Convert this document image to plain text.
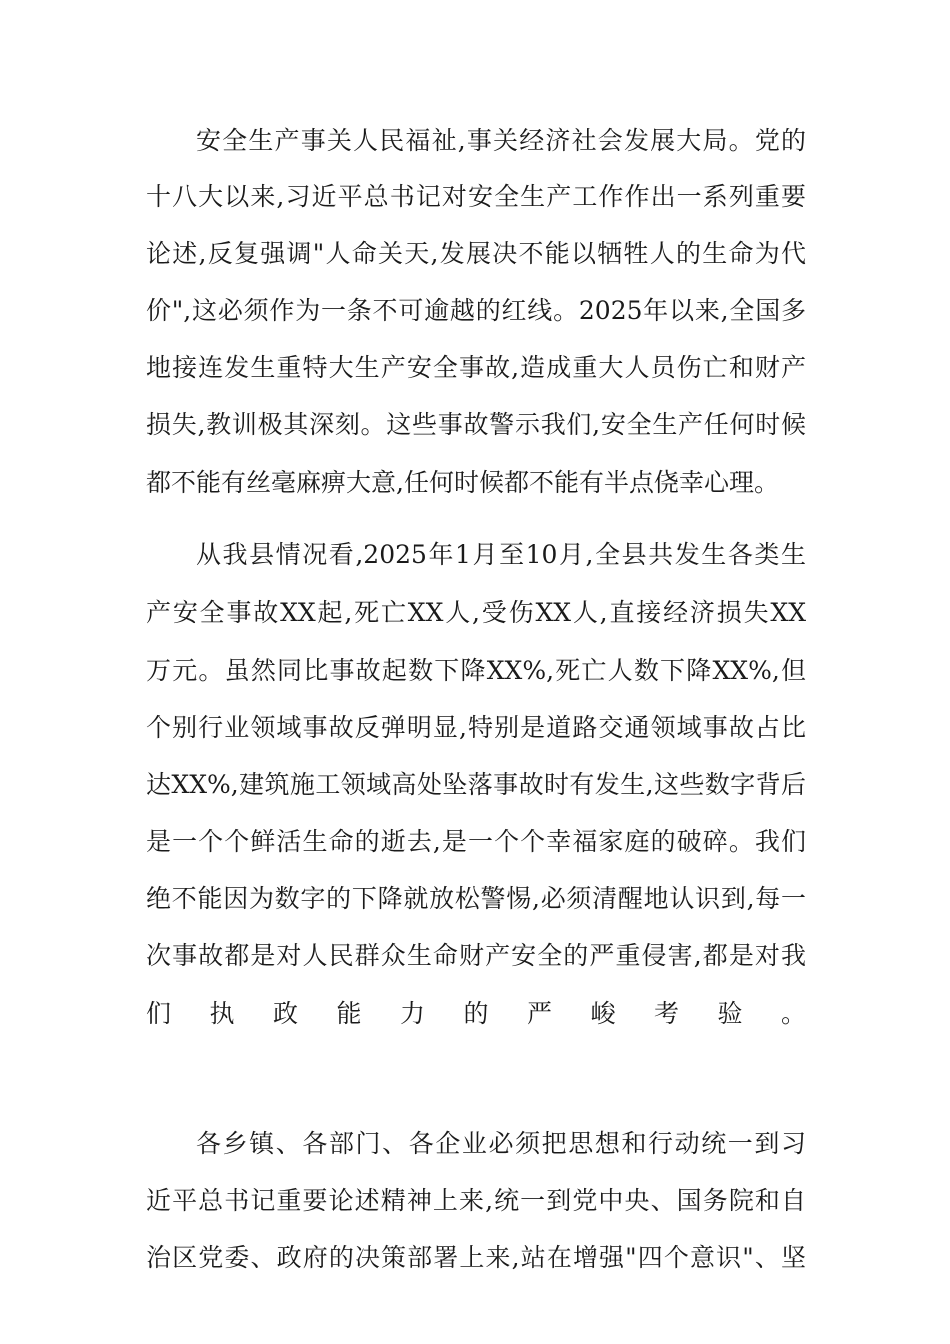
安全生产事关人民福祉,事关经济社会发展大局。党的
十八大以来,习近平总书记对安全生产工作作出一系列重要
论述,反复强调"人命关天,发展决不能以牺牲人的生命为代
价",这必须作为一条不可逾越的红线。2025年以来,全国多
地接连发生重特大生产安全事故,造成重大人员伤亡和财产
损失,教训极其深刻。这些事故警示我们,安全生产任何时候
都不能有丝毫麻痹大意,任何时候都不能有半点侥幸心理。
从我县情况看,2025年1月至10月,全县共发生各类生
产安全事故XX起,死亡XX人,受伤XX人,直接经济损失XX
万元。虽然同比事故起数下降XX%,死亡人数下降XX%,但
个别行业领域事故反弹明显,特别是道路交通领域事故占比
达XX%,建筑施工领域高处坠落事故时有发生,这些数字背后
是一个个鲜活生命的逝去,是一个个幸福家庭的破碎。我们
绝不能因为数字的下降就放松警惕,必须清醒地认识到,每一
次事故都是对人民群众生命财产安全的严重侵害,都是对我
们执政能力的严峻考验。
各乡镇、各部门、各企业必须把思想和行动统一到习
近平总书记重要论述精神上来,统一到党中央、国务院和自
治区党委、政府的决策部署上来,站在增强"四个意识"、坚
